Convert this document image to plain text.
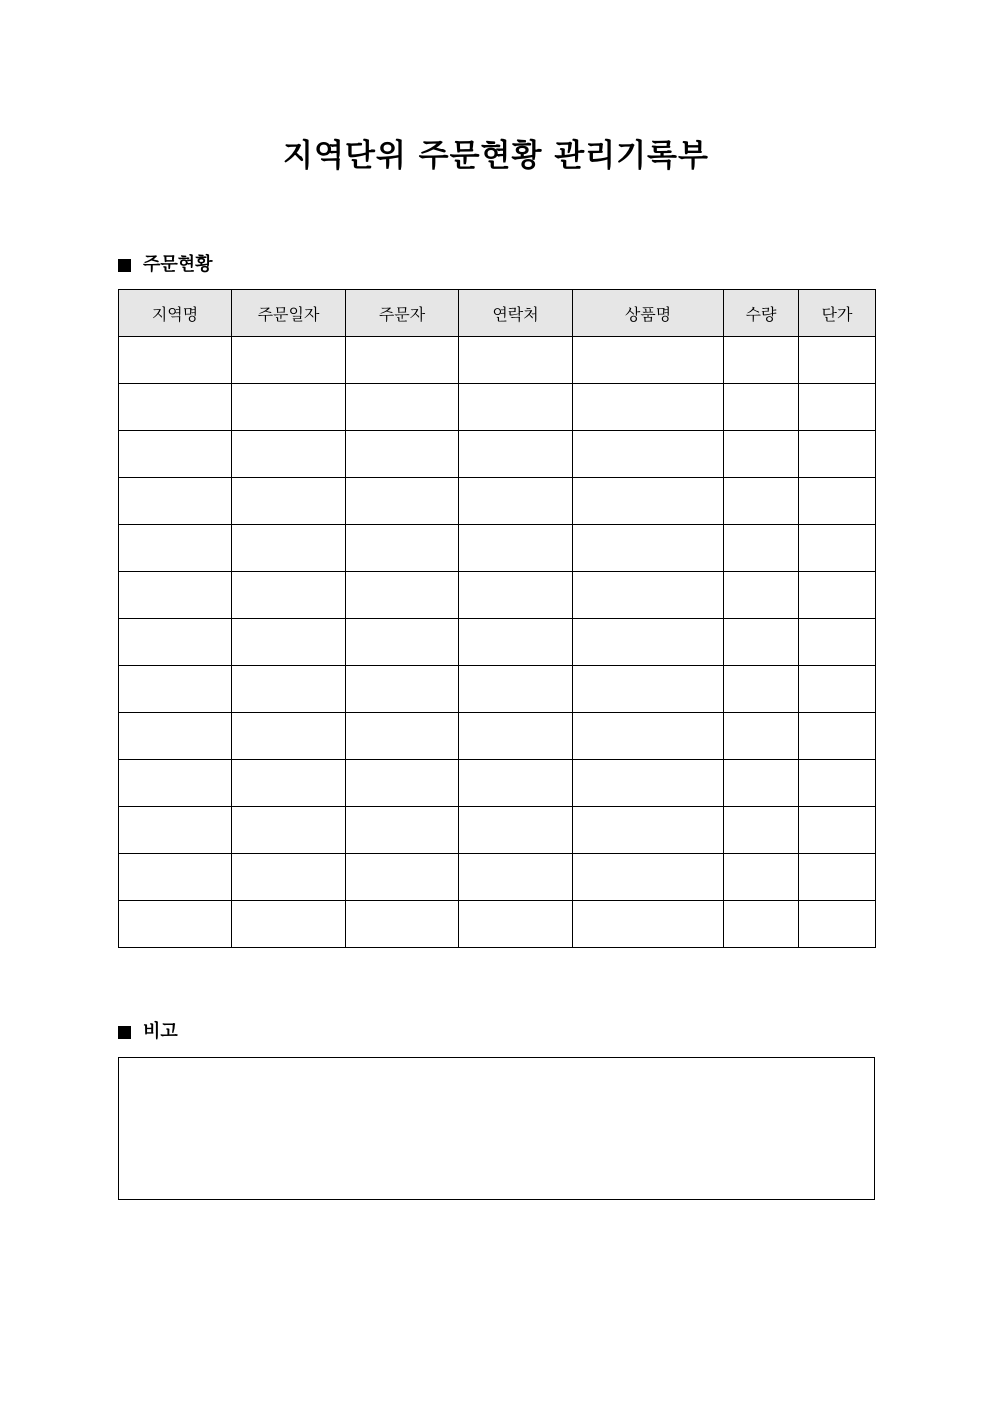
지역단위 주문현황 관리기록부
주문현황
지역명	주문일자	주문자	연락처	상품명	수량	단가

비고
